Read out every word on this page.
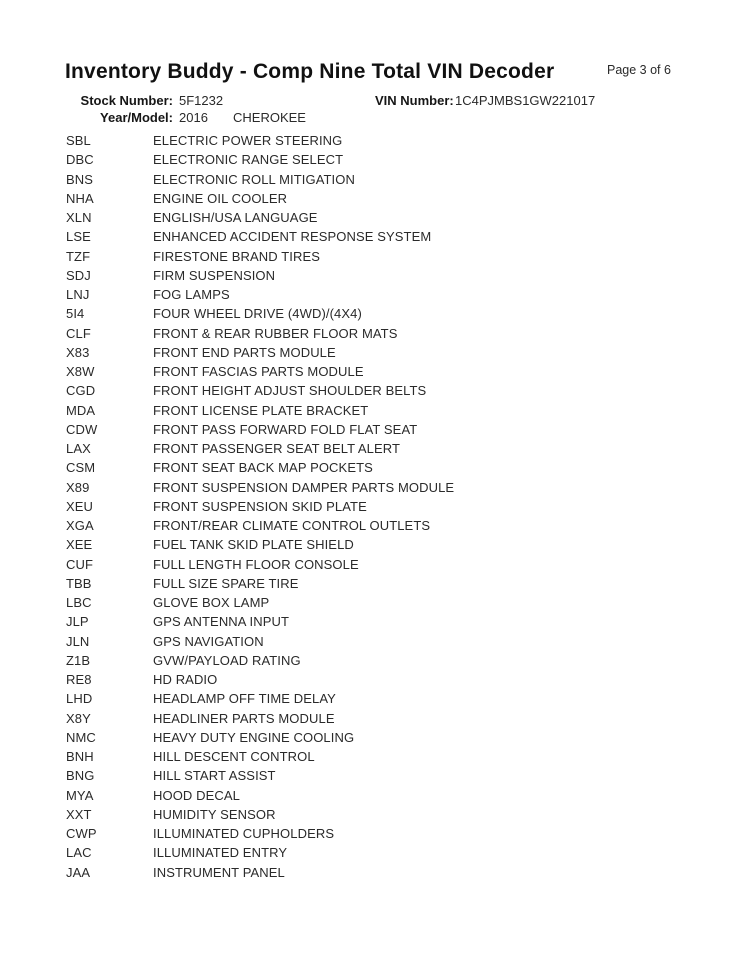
Inventory Buddy - Comp Nine Total VIN Decoder	Page 3 of 6
Stock Number: 5F1232	VIN Number: 1C4PJMBS1GW221017
Year/Model: 2016 CHEROKEE
SBL	ELECTRIC POWER STEERING
DBC	ELECTRONIC RANGE SELECT
BNS	ELECTRONIC ROLL MITIGATION
NHA	ENGINE OIL COOLER
XLN	ENGLISH/USA LANGUAGE
LSE	ENHANCED ACCIDENT RESPONSE SYSTEM
TZF	FIRESTONE BRAND TIRES
SDJ	FIRM SUSPENSION
LNJ	FOG LAMPS
5I4	FOUR WHEEL DRIVE (4WD)/(4X4)
CLF	FRONT & REAR RUBBER FLOOR MATS
X83	FRONT END PARTS MODULE
X8W	FRONT FASCIAS PARTS MODULE
CGD	FRONT HEIGHT ADJUST SHOULDER BELTS
MDA	FRONT LICENSE PLATE BRACKET
CDW	FRONT PASS FORWARD FOLD FLAT SEAT
LAX	FRONT PASSENGER SEAT BELT ALERT
CSM	FRONT SEAT BACK MAP POCKETS
X89	FRONT SUSPENSION DAMPER PARTS MODULE
XEU	FRONT SUSPENSION SKID PLATE
XGA	FRONT/REAR CLIMATE CONTROL OUTLETS
XEE	FUEL TANK SKID PLATE SHIELD
CUF	FULL LENGTH FLOOR CONSOLE
TBB	FULL SIZE SPARE TIRE
LBC	GLOVE BOX LAMP
JLP	GPS ANTENNA INPUT
JLN	GPS NAVIGATION
Z1B	GVW/PAYLOAD RATING
RE8	HD RADIO
LHD	HEADLAMP OFF TIME DELAY
X8Y	HEADLINER PARTS MODULE
NMC	HEAVY DUTY ENGINE COOLING
BNH	HILL DESCENT CONTROL
BNG	HILL START ASSIST
MYA	HOOD DECAL
XXT	HUMIDITY SENSOR
CWP	ILLUMINATED CUPHOLDERS
LAC	ILLUMINATED ENTRY
JAA	INSTRUMENT PANEL
